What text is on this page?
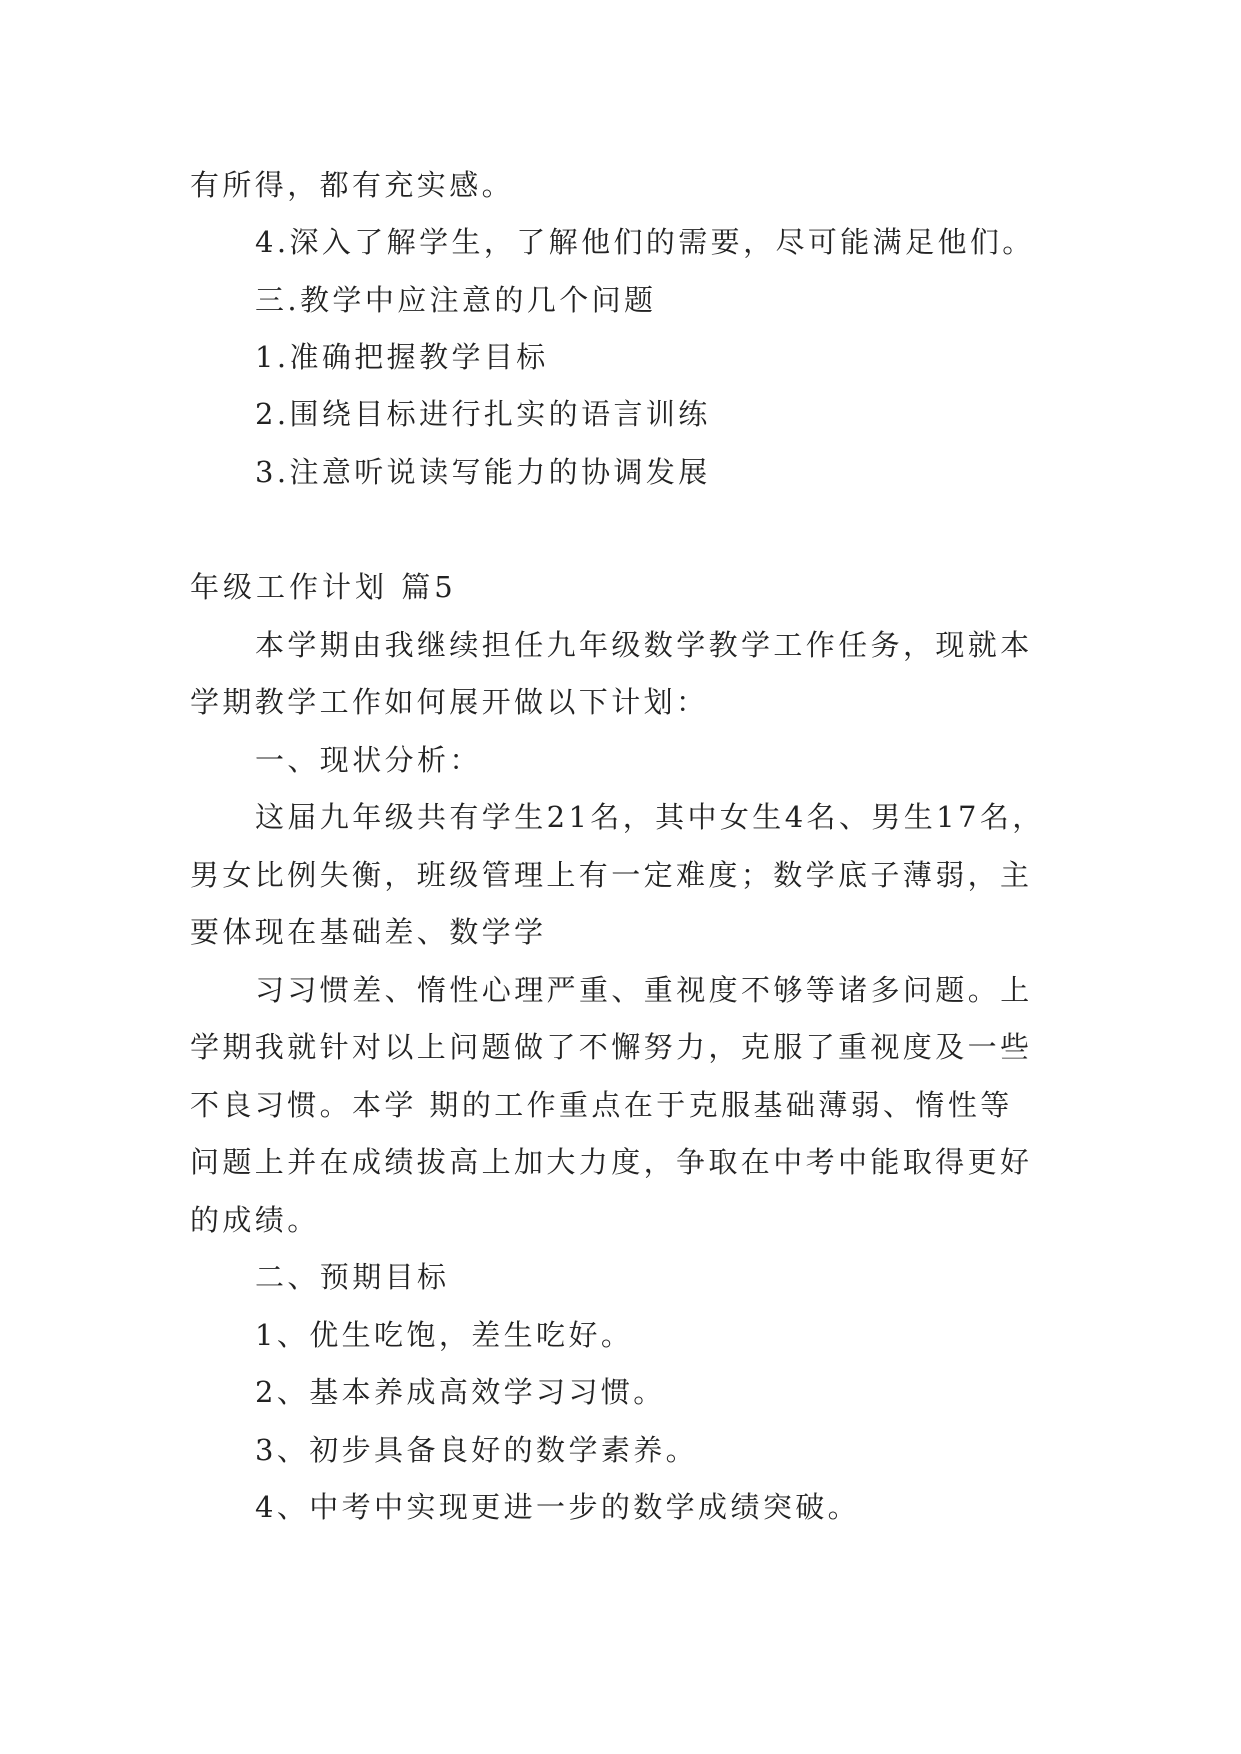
有所得，都有充实感。

4.深入了解学生，了解他们的需要，尽可能满足他们。

三.教学中应注意的几个问题

1.准确把握教学目标

2.围绕目标进行扎实的语言训练

3.注意听说读写能力的协调发展

年级工作计划 篇5

本学期由我继续担任九年级数学教学工作任务，现就本

学期教学工作如何展开做以下计划：

一、现状分析：

这届九年级共有学生21名，其中女生4名、男生17名，

男女比例失衡，班级管理上有一定难度；数学底子薄弱，主

要体现在基础差、数学学

习习惯差、惰性心理严重、重视度不够等诸多问题。上

学期我就针对以上问题做了不懈努力，克服了重视度及一些

不良习惯。本学 期的工作重点在于克服基础薄弱、惰性等

问题上并在成绩拔高上加大力度，争取在中考中能取得更好

的成绩。

二、预期目标

1、优生吃饱，差生吃好。

2、基本养成高效学习习惯。

3、初步具备良好的数学素养。

4、中考中实现更进一步的数学成绩突破。
